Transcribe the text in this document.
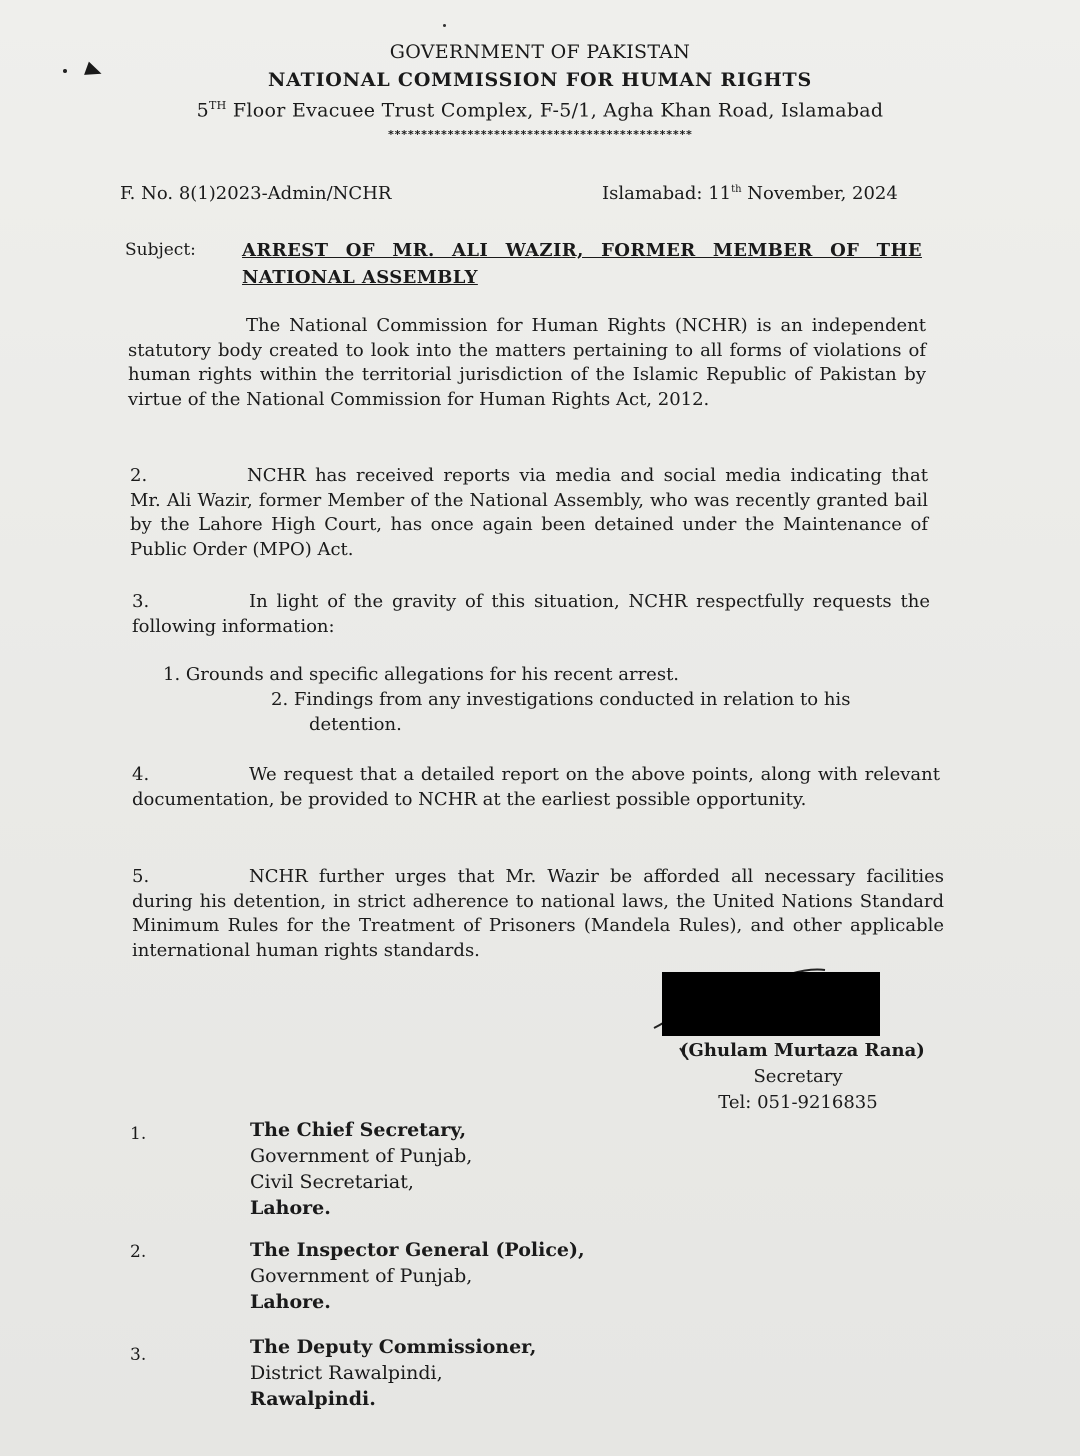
GOVERNMENT OF PAKISTAN
NATIONAL COMMISSION FOR HUMAN RIGHTS
5TH Floor Evacuee Trust Complex, F-5/1, Agha Khan Road, Islamabad
**********************************************
F. No. 8(1)2023-Admin/NCHR	Islamabad: 11th November, 2024
Subject:	ARREST OF MR. ALI WAZIR, FORMER MEMBER OF THE NATIONAL ASSEMBLY
The National Commission for Human Rights (NCHR) is an independent statutory body created to look into the matters pertaining to all forms of violations of human rights within the territorial jurisdiction of the Islamic Republic of Pakistan by virtue of the National Commission for Human Rights Act, 2012.
2.	NCHR has received reports via media and social media indicating that Mr. Ali Wazir, former Member of the National Assembly, who was recently granted bail by the Lahore High Court, has once again been detained under the Maintenance of Public Order (MPO) Act.
3.	In light of the gravity of this situation, NCHR respectfully requests the following information:
1. Grounds and specific allegations for his recent arrest.
2. Findings from any investigations conducted in relation to his
detention.
4.	We request that a detailed report on the above points, along with relevant documentation, be provided to NCHR at the earliest possible opportunity.
5.	NCHR further urges that Mr. Wazir be afforded all necessary facilities during his detention, in strict adherence to national laws, the United Nations Standard Minimum Rules for the Treatment of Prisoners (Mandela Rules), and other applicable international human rights standards.
(Ghulam Murtaza Rana)
Secretary
Tel: 051-9216835
1.	The Chief Secretary,
Government of Punjab,
Civil Secretariat,
Lahore.
2.	The Inspector General (Police),
Government of Punjab,
Lahore.
3.	The Deputy Commissioner,
District Rawalpindi,
Rawalpindi.
